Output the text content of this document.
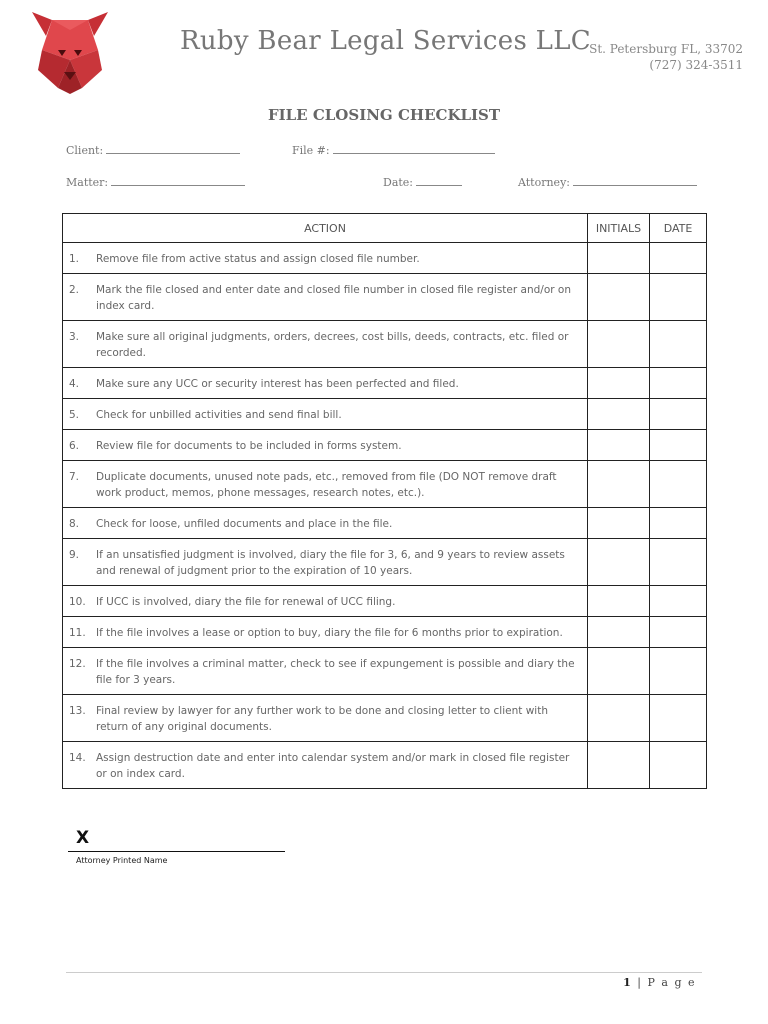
Ruby Bear Legal Services LLC
St. Petersburg FL, 33702
(727) 324-3511
FILE CLOSING CHECKLIST
Client:	File #:
Matter:	Date:	Attorney:
ACTION	INITIALS	DATE

1. Remove file from active status and assign closed file number.		

2. Mark the file closed and enter date and closed file number in closed file register and/or on index card.		

3. Make sure all original judgments, orders, decrees, cost bills, deeds, contracts, etc. filed or recorded.		

4. Make sure any UCC or security interest has been perfected and filed.		

5. Check for unbilled activities and send final bill.		

6. Review file for documents to be included in forms system.		

7. Duplicate documents, unused note pads, etc., removed from file (DO NOT remove draft work product, memos, phone messages, research notes, etc.).		

8. Check for loose, unfiled documents and place in the file.		

9. If an unsatisfied judgment is involved, diary the file for 3, 6, and 9 years to review assets and renewal of judgment prior to the expiration of 10 years.		

10. If UCC is involved, diary the file for renewal of UCC filing.		

11. If the file involves a lease or option to buy, diary the file for 6 months prior to expiration.		

12. If the file involves a criminal matter, check to see if expungement is possible and diary the file for 3 years.		

13. Final review by lawyer for any further work to be done and closing letter to client with return of any original documents.		

14. Assign destruction date and enter into calendar system and/or mark in closed file register or on index card.		

X
Attorney Printed Name
1 | P a g e
